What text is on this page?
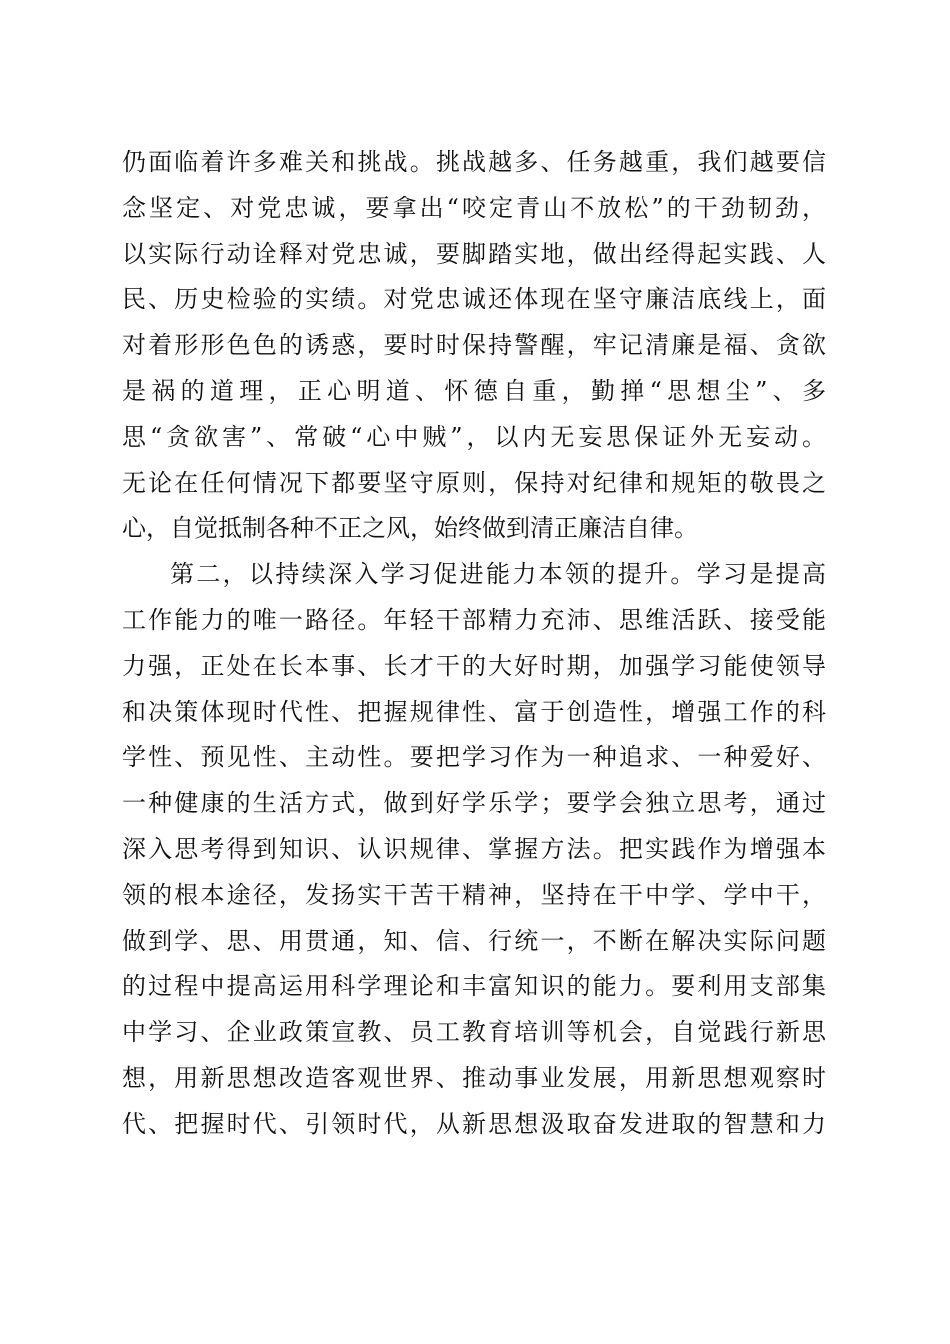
仍面临着许多难关和挑战。挑战越多、任务越重，我们越要信
念坚定、对党忠诚，要拿出“咬定青山不放松”的干劲韧劲，
以实际行动诠释对党忠诚，要脚踏实地，做出经得起实践、人
民、历史检验的实绩。对党忠诚还体现在坚守廉洁底线上，面
对着形形色色的诱惑，要时时保持警醒，牢记清廉是福、贪欲
是祸的道理，正心明道、怀德自重，勤掸“思想尘”、多
思“贪欲害”、常破“心中贼”，以内无妄思保证外无妄动。
无论在任何情况下都要坚守原则，保持对纪律和规矩的敬畏之
心，自觉抵制各种不正之风，始终做到清正廉洁自律。
第二，以持续深入学习促进能力本领的提升。学习是提高
工作能力的唯一路径。年轻干部精力充沛、思维活跃、接受能
力强，正处在长本事、长才干的大好时期，加强学习能使领导
和决策体现时代性、把握规律性、富于创造性，增强工作的科
学性、预见性、主动性。要把学习作为一种追求、一种爱好、
一种健康的生活方式，做到好学乐学；要学会独立思考，通过
深入思考得到知识、认识规律、掌握方法。把实践作为增强本
领的根本途径，发扬实干苦干精神，坚持在干中学、学中干，
做到学、思、用贯通，知、信、行统一，不断在解决实际问题
的过程中提高运用科学理论和丰富知识的能力。要利用支部集
中学习、企业政策宣教、员工教育培训等机会，自觉践行新思
想，用新思想改造客观世界、推动事业发展，用新思想观察时
代、把握时代、引领时代，从新思想汲取奋发进取的智慧和力
